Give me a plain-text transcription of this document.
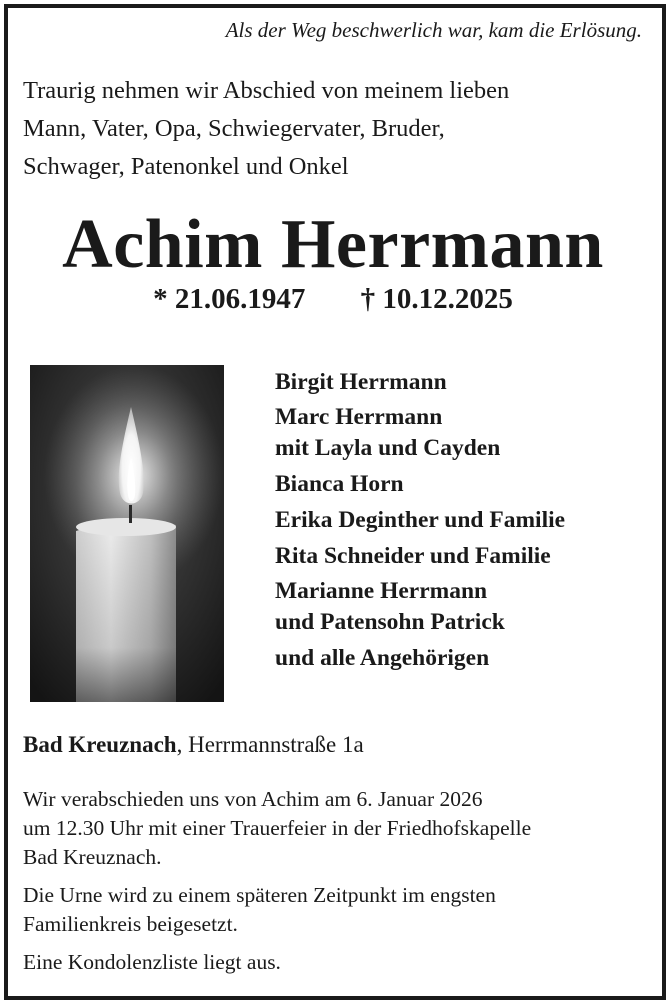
Als der Weg beschwerlich war, kam die Erlösung.
Traurig nehmen wir Abschied von meinem lieben
Mann, Vater, Opa, Schwiegervater, Bruder,
Schwager, Patenonkel und Onkel
Achim Herrmann
* 21.06.1947 † 10.12.2025
Birgit Herrmann
Marc Herrmann
mit Layla und Cayden
Bianca Horn
Erika Deginther und Familie
Rita Schneider und Familie
Marianne Herrmann
und Patensohn Patrick
und alle Angehörigen
Bad Kreuznach, Herrmannstraße 1a

Wir verabschieden uns von Achim am 6. Januar 2026
um 12.30 Uhr mit einer Trauerfeier in der Friedhofskapelle
Bad Kreuznach.

Die Urne wird zu einem späteren Zeitpunkt im engsten
Familienkreis beigesetzt.

Eine Kondolenzliste liegt aus.
